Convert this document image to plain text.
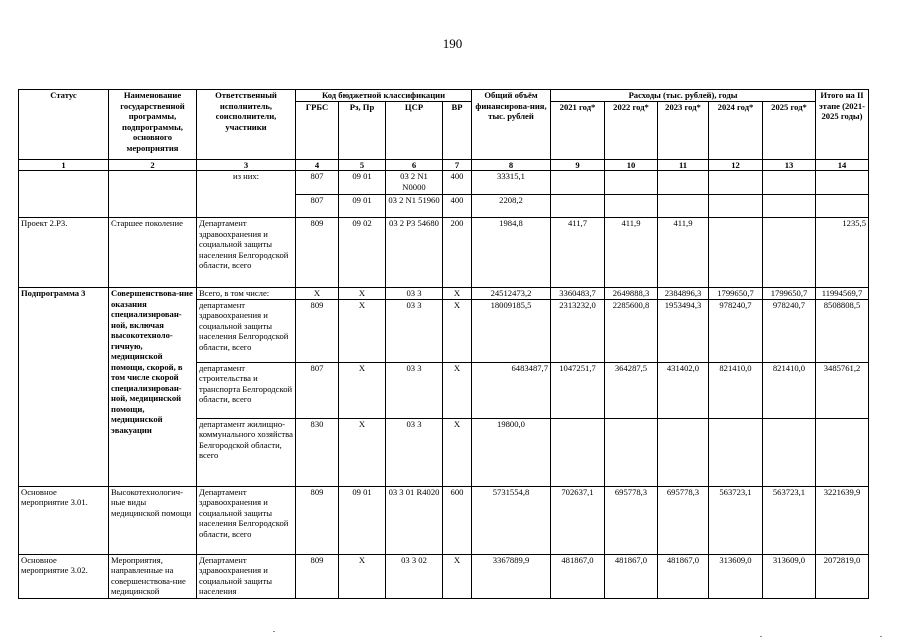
190
Статус	Наименование государственной программы, подпрограммы, основного мероприятия	Ответственный исполнитель, соисполнители, участники	Код бюджетной классификации				Общий объём финансирова-ния, тыс. рублей	Расходы (тыс. рублей), годы					Итого на II этапе (2021-2025 годы)
			ГРБС	Рз, Пр	ЦСР	ВР		2021 год*	2022 год*	2023 год*	2024 год*	2025 год*	
1	2	3	4	5	6	7	8	9	10	11	12	13	14
		из них:	807	09 01	03 2 N1 N0000	400	33315,1						
			807	09 01	03 2 N1 51960	400	2208,2						
Проект 2.Р3.	Старшее поколение	Департамент здравоохранения и социальной защиты населения Белгородской области, всего	809	09 02	03 2 Р3 54680	200	1984,8	411,7	411,9	411,9			1235,5
Подпрограмма 3	Совершенствова-ние оказания специализирован-ной, включая высокотехноло-гичную, медицинской помощи, скорой, в том числе скорой специализирован-ной, медицинской помощи, медицинской эвакуации	Всего, в том числе:	X	X	03 3	X	24512473,2	3360483,7	2649888,3	2384896,3	1799650,7	1799650,7	11994569,7
		департамент здравоохранения и социальной защиты населения Белгородской области, всего	809	X	03 3	X	18009185,5	2313232,0	2285600,8	1953494,3	978240,7	978240,7	8508808,5
		департамент строительства и транспорта Белгородской области, всего	807	X	03 3	X	6483487,7	1047251,7	364287,5	431402,0	821410,0	821410,0	3485761,2
		департамент жилищно-коммунального хозяйства Белгородской области, всего	830	X	03 3	X	19800,0						
Основное мероприятие 3.01.	Высокотехнологич-ные виды медицинской помощи	Департамент здравоохранения и социальной защиты населения Белгородской области, всего	809	09 01	03 3 01 R4020	600	5731554,8	702637,1	695778,3	695778,3	563723,1	563723,1	3221639,9
Основное мероприятие 3.02.	Мероприятия, направленные на совершенствова-ние медицинской	Департамент здравоохранения и социальной защиты населения	809	X	03 3 02	X	3367889,9	481867,0	481867,0	481867,0	313609,0	313609,0	2072819,0
